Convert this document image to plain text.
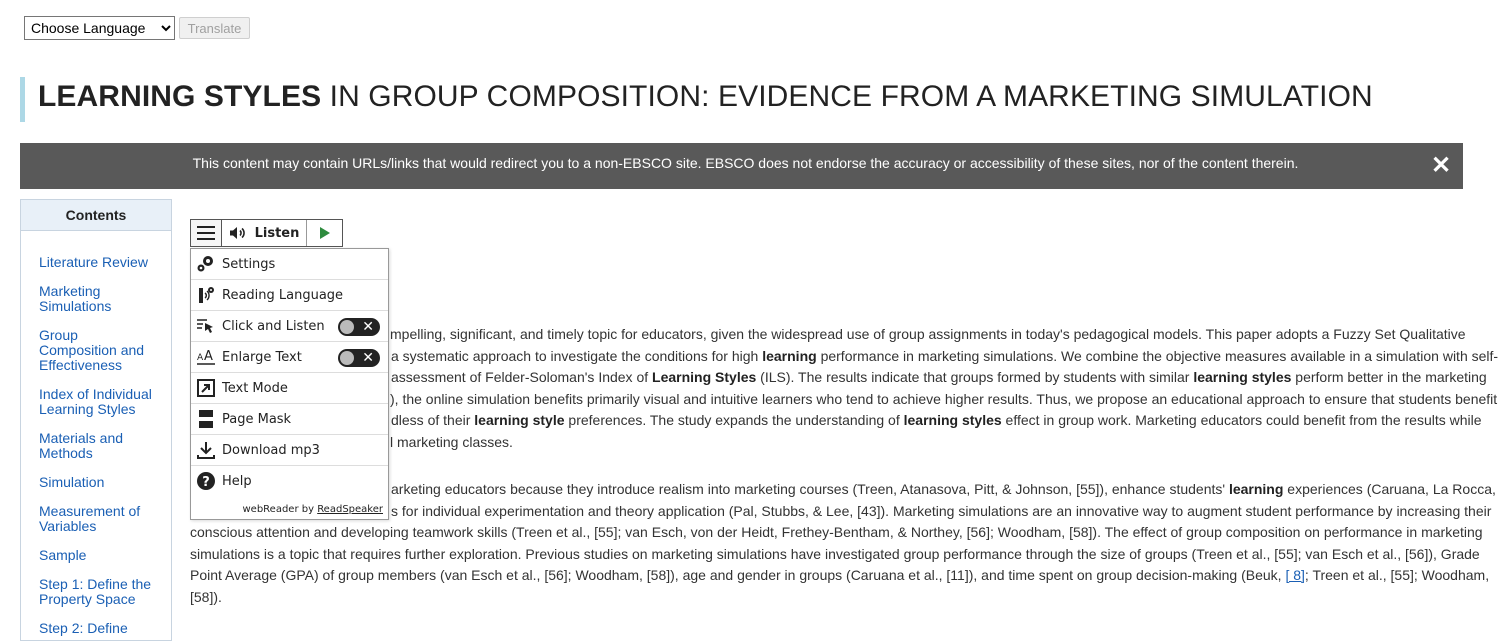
Choose Language
Translate
LEARNING STYLES IN GROUP COMPOSITION: EVIDENCE FROM A MARKETING SIMULATION
This content may contain URLs/links that would redirect you to a non-EBSCO site. EBSCO does not endorse the accuracy or accessibility of these sites, nor of the content therein.	✕
Contents
Literature Review
Marketing Simulations
Group Composition and Effectiveness
Index of Individual Learning Styles
Materials and Methods
Simulation
Measurement of Variables
Sample
Step 1: Define the Property Space
Step 2: Define
Listen
Settings
Reading Language
Click and Listen	✕
A A Enlarge Text	✕
Text Mode
Page Mask
Download mp3
? Help
webReader by ReadSpeaker
mpelling, significant, and timely topic for educators, given the widespread use of group assignments in today's pedagogical models. This paper adopts a Fuzzy Set Qualitative
a systematic approach to investigate the conditions for high learning performance in marketing simulations. We combine the objective measures available in a simulation with self-
assessment of Felder-Soloman's Index of Learning Styles (ILS). The results indicate that groups formed by students with similar learning styles perform better in the marketing
), the online simulation benefits primarily visual and intuitive learners who tend to achieve higher results. Thus, we propose an educational approach to ensure that students benefit
dless of their learning style preferences. The study expands the understanding of learning styles effect in group work. Marketing educators could benefit from the results while
l marketing classes.
arketing educators because they introduce realism into marketing courses (Treen, Atanasova, Pitt, & Johnson, [55]), enhance students' learning experiences (Caruana, La Rocca,
s for individual experimentation and theory application (Pal, Stubbs, & Lee, [43]). Marketing simulations are an innovative way to augment student performance by increasing their
conscious attention and developing teamwork skills (Treen et al., [55]; van Esch, von der Heidt, Frethey-Bentham, & Northey, [56]; Woodham, [58]). The effect of group composition on performance in marketing
simulations is a topic that requires further exploration. Previous studies on marketing simulations have investigated group performance through the size of groups (Treen et al., [55]; van Esch et al., [56]), Grade
Point Average (GPA) of group members (van Esch et al., [56]; Woodham, [58]), age and gender in groups (Caruana et al., [11]), and time spent on group decision-making (Beuk, [ 8]; Treen et al., [55]; Woodham,
[58]).
